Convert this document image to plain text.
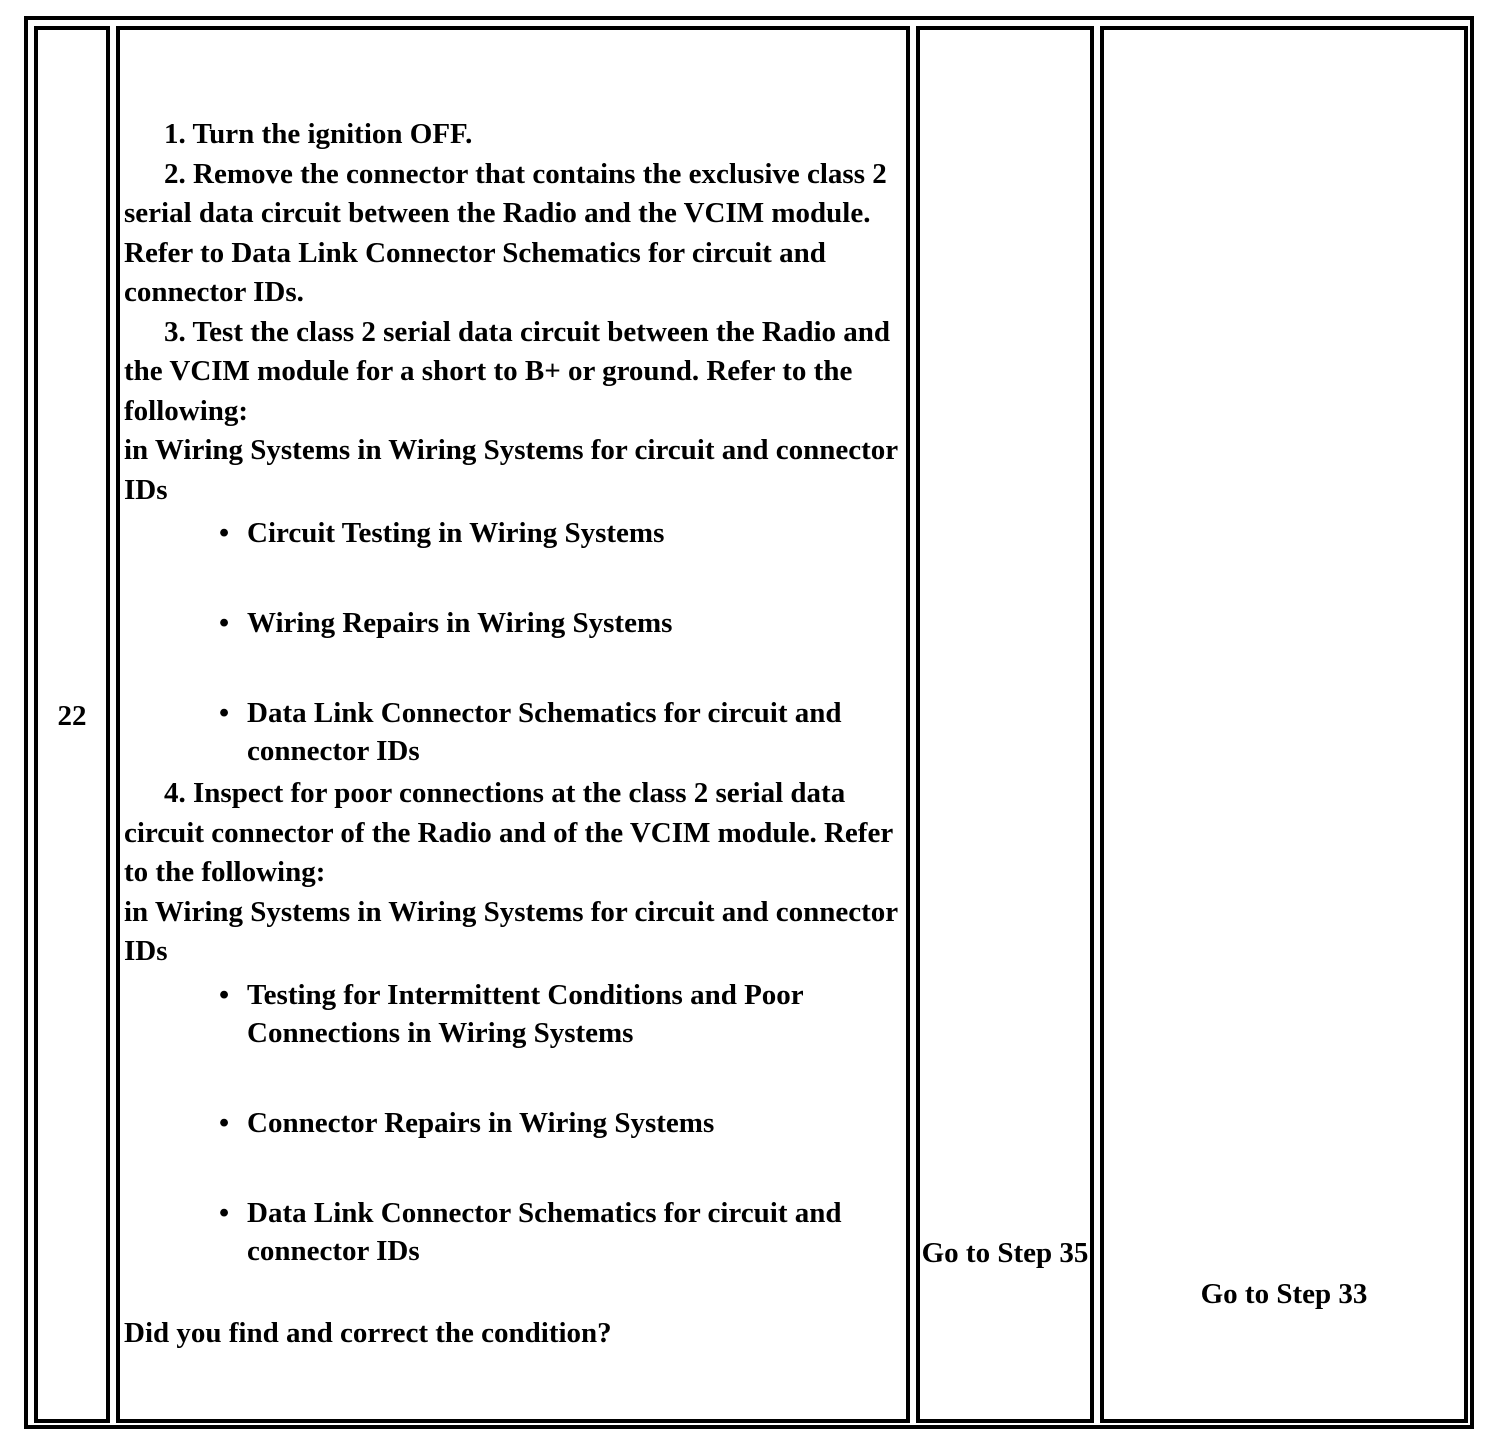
22

1. Turn the ignition OFF.

2. Remove the connector that contains the exclusive class 2 serial data circuit between the Radio and the VCIM module. Refer to Data Link Connector Schematics for circuit and connector IDs.

3. Test the class 2 serial data circuit between the Radio and the VCIM module for a short to B+ or ground. Refer to the following:

in Wiring Systems in Wiring Systems for circuit and connector IDs

• Circuit Testing in Wiring Systems
• Wiring Repairs in Wiring Systems
• Data Link Connector Schematics for circuit and connector IDs

4. Inspect for poor connections at the class 2 serial data circuit connector of the Radio and of the VCIM module. Refer to the following:

in Wiring Systems in Wiring Systems for circuit and connector IDs

• Testing for Intermittent Conditions and Poor Connections in Wiring Systems
• Connector Repairs in Wiring Systems
• Data Link Connector Schematics for circuit and connector IDs

Did you find and correct the condition?

Go to Step 35
Go to Step 33
